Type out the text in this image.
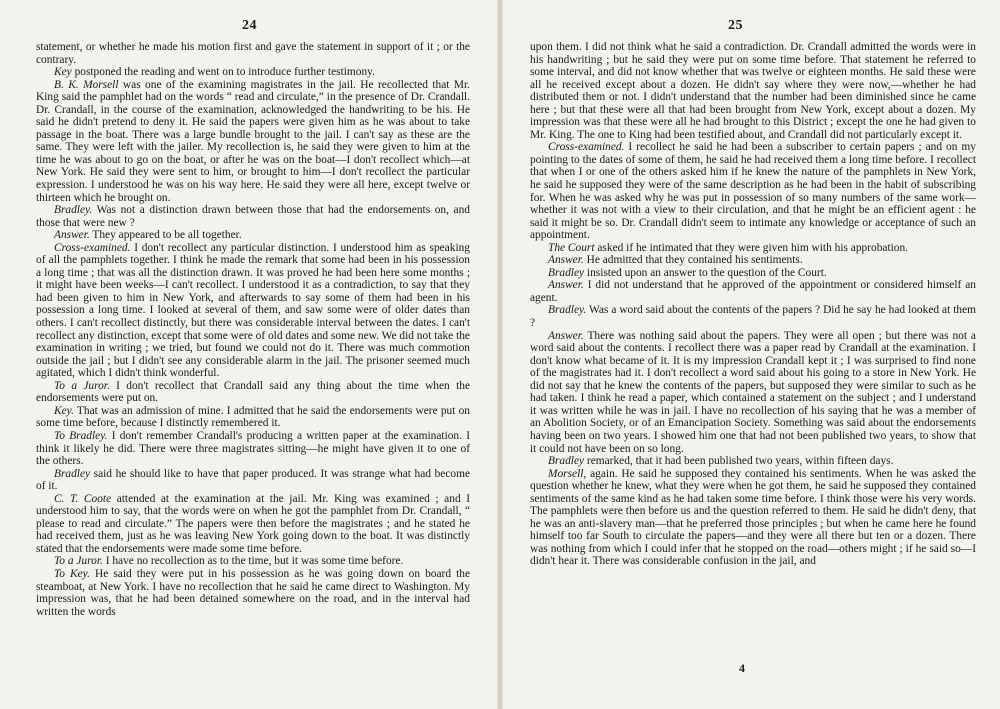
24

statement, or whether he made his motion first and gave the statement in support of it ; or the contrary.

Key postponed the reading and went on to introduce further testimony.

B. K. Morsell was one of the examining magistrates in the jail. He recollected that Mr. King said the pamphlet had on the words “ read and circulate,” in the presence of Dr. Crandall. Dr. Crandall, in the course of the examination, acknowledged the handwriting to be his. He said he didn't pretend to deny it. He said the papers were given him as he was about to take passage in the boat. There was a large bundle brought to the jail. I can't say as these are the same. They were left with the jailer. My recollection is, he said they were given to him at the time he was about to go on the boat, or after he was on the boat—I don't recollect which—at New York. He said they were sent to him, or brought to him—I don't recollect the particular expression. I understood he was on his way here. He said they were all here, except twelve or thirteen which he brought on.

Bradley. Was not a distinction drawn between those that had the endorsements on, and those that were new ?

Answer. They appeared to be all together.

Cross-examined. I don't recollect any particular distinction. I understood him as speaking of all the pamphlets together. I think he made the remark that some had been in his possession a long time ; that was all the distinction drawn. It was proved he had been here some months ; it might have been weeks—I can't recollect. I understood it as a contradiction, to say that they had been given to him in New York, and afterwards to say some of them had been in his possession a long time. I looked at several of them, and saw some were of older dates than others. I can't recollect distinctly, but there was considerable interval between the dates. I can't recollect any distinction, except that some were of old dates and some new. We did not take the examination in writing ; we tried, but found we could not do it. There was much commotion outside the jail ; but I didn't see any considerable alarm in the jail. The prisoner seemed much agitated, which I didn't think wonderful.

To a Juror. I don't recollect that Crandall said any thing about the time when the endorsements were put on.

Key. That was an admission of mine. I admitted that he said the endorsements were put on some time before, because I distinctly remembered it.

To Bradley. I don't remember Crandall's producing a written paper at the examination. I think it likely he did. There were three magistrates sitting—he might have given it to one of the others.

Bradley said he should like to have that paper produced. It was strange what had become of it.

C. T. Coote attended at the examination at the jail. Mr. King was examined ; and I understood him to say, that the words were on when he got the pamphlet from Dr. Crandall, “ please to read and circulate.” The papers were then before the magistrates ; and he stated he had received them, just as he was leaving New York going down to the boat. It was distinctly stated that the endorsements were made some time before.

To a Juror. I have no recollection as to the time, but it was some time before.

To Key. He said they were put in his possession as he was going down on board the steamboat, at New York. I have no recollection that he said he came direct to Washington. My impression was, that he had been detained somewhere on the road, and in the interval had written the words

25

upon them. I did not think what he said a contradiction. Dr. Crandall admitted the words were in his handwriting ; but he said they were put on some time before. That statement he referred to some interval, and did not know whether that was twelve or eighteen months. He said these were all he received except about a dozen. He didn't say where they were now,—whether he had distributed them or not. I didn't understand that the number had been diminished since he came here ; but that these were all that had been brought from New York, except about a dozen. My impression was that these were all he had brought to this District ; except the one he had given to Mr. King. The one to King had been testified about, and Crandall did not particularly except it.

Cross-examined. I recollect he said he had been a subscriber to certain papers ; and on my pointing to the dates of some of them, he said he had received them a long time before. I recollect that when I or one of the others asked him if he knew the nature of the pamphlets in New York, he said he supposed they were of the same description as he had been in the habit of subscribing for. When he was asked why he was put in possession of so many numbers of the same work—whether it was not with a view to their circulation, and that he might be an efficient agent : he said it might be so. Dr. Crandall didn't seem to intimate any knowledge or acceptance of such an appointment.

The Court asked if he intimated that they were given him with his approbation.

Answer. He admitted that they contained his sentiments.

Bradley insisted upon an answer to the question of the Court.

Answer. I did not understand that he approved of the appointment or considered himself an agent.

Bradley. Was a word said about the contents of the papers ? Did he say he had looked at them ?

Answer. There was nothing said about the papers. They were all open ; but there was not a word said about the contents. I recollect there was a paper read by Crandall at the examination. I don't know what became of it. It is my impression Crandall kept it ; I was surprised to find none of the magistrates had it. I don't recollect a word said about his going to a store in New York. He did not say that he knew the contents of the papers, but supposed they were similar to such as he had taken. I think he read a paper, which contained a statement on the subject ; and I understand it was written while he was in jail. I have no recollection of his saying that he was a member of an Abolition Society, or of an Emancipation Society. Something was said about the endorsements having been on two years. I showed him one that had not been published two years, to show that it could not have been on so long.

Bradley remarked, that it had been published two years, within fifteen days.

Morsell, again. He said he supposed they contained his sentiments. When he was asked the question whether he knew, what they were when he got them, he said he supposed they contained sentiments of the same kind as he had taken some time before. I think those were his very words. The pamphlets were then before us and the question referred to them. He said he didn't deny, that he was an anti-slavery man—that he preferred those principles ; but when he came here he found himself too far South to circulate the papers—and they were all there but ten or a dozen. There was nothing from which I could infer that he stopped on the road—others might ; if he said so—I didn't hear it. There was considerable confusion in the jail, and

4
